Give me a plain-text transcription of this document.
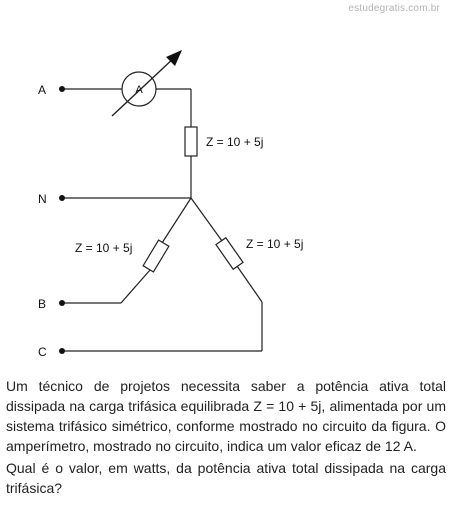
estudegratis.com.br
A
A
N
B
C
Z = 10 + 5j
Z = 10 + 5j	Z = 10 + 5j

Um técnico de projetos necessita saber a potência ativa total dissipada na carga trifásica equilibrada Z = 10 + 5j, alimentada por um sistema trifásico simétrico, conforme mostrado no circuito da figura. O amperímetro, mostrado no circuito, indica um valor eficaz de 12 A.

Qual é o valor, em watts, da potência ativa total dissipada na carga trifásica?
